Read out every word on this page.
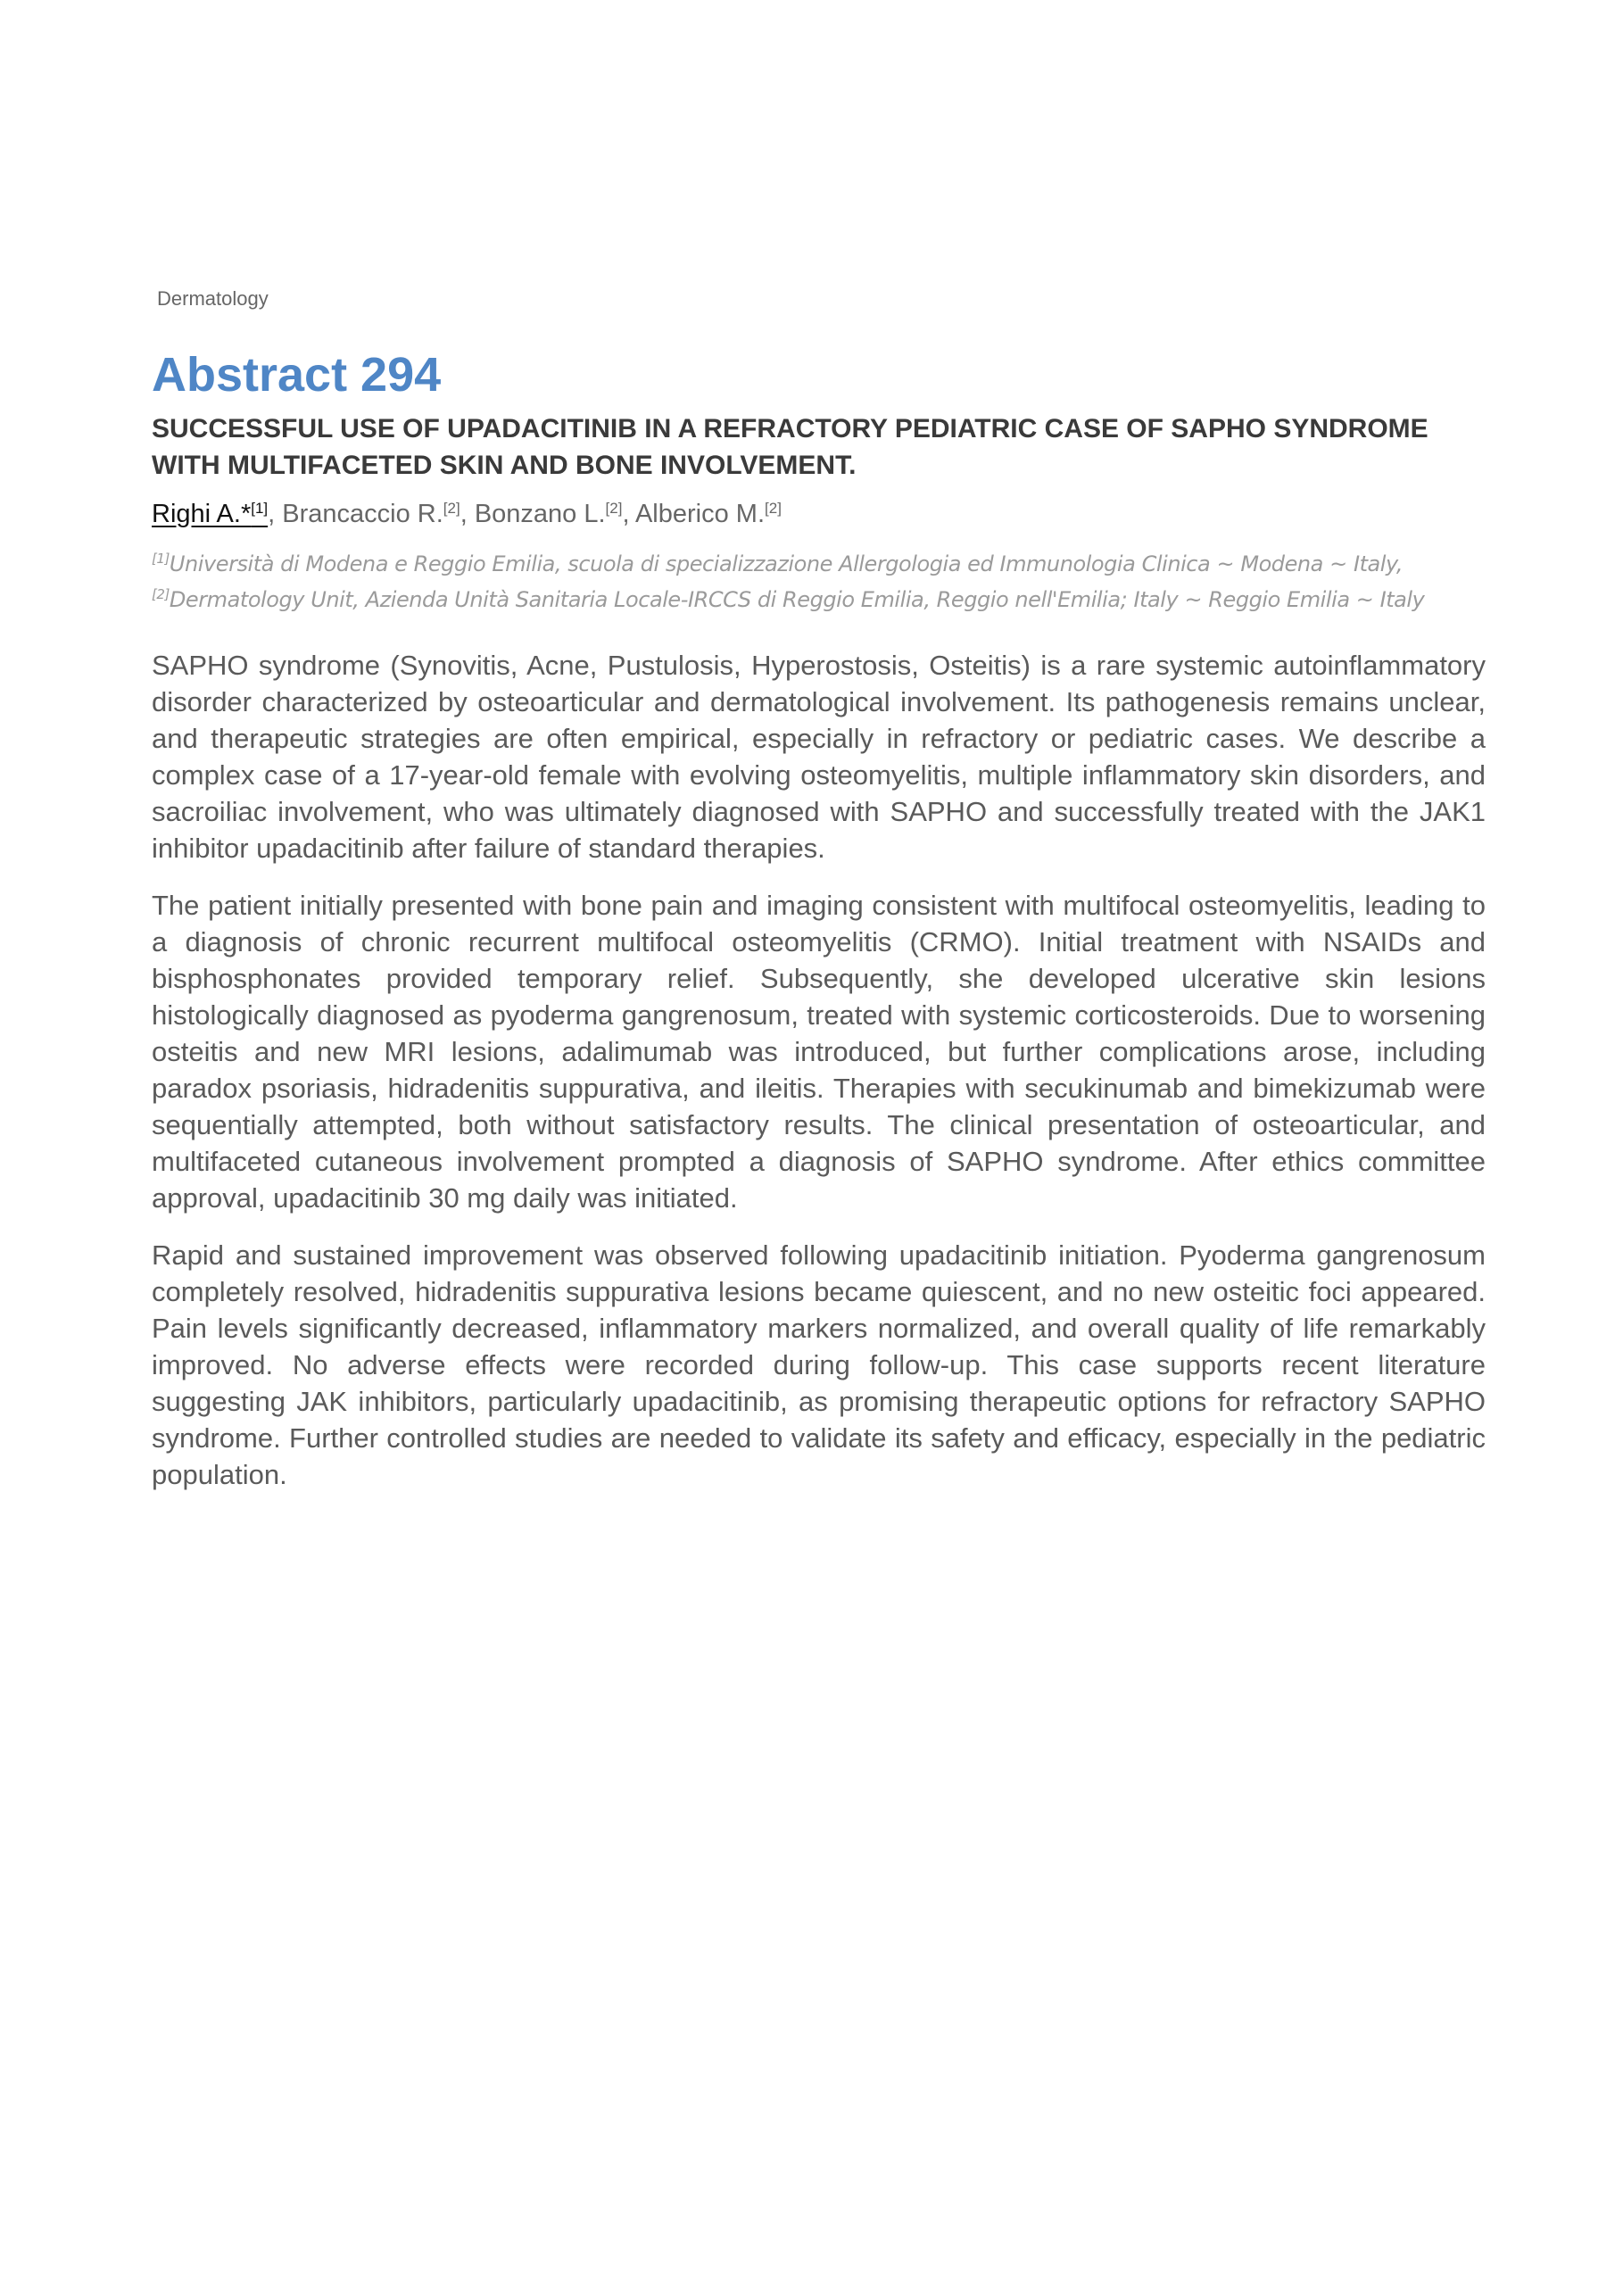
Dermatology
Abstract 294
SUCCESSFUL USE OF UPADACITINIB IN A REFRACTORY PEDIATRIC CASE OF SAPHO SYNDROME WITH MULTIFACETED SKIN AND BONE INVOLVEMENT.
Righi A.*[1], Brancaccio R.[2], Bonzano L.[2], Alberico M.[2]
[1]Università di Modena e Reggio Emilia, scuola di specializzazione Allergologia ed Immunologia Clinica ~ Modena ~ Italy,
[2]Dermatology Unit, Azienda Unità Sanitaria Locale-IRCCS di Reggio Emilia, Reggio nell'Emilia; Italy ~ Reggio Emilia ~ Italy

SAPHO syndrome (Synovitis, Acne, Pustulosis, Hyperostosis, Osteitis) is a rare systemic autoinflammatory disorder characterized by osteoarticular and dermatological involvement. Its pathogenesis remains unclear, and therapeutic strategies are often empirical, especially in refractory or pediatric cases. We describe a complex case of a 17-year-old female with evolving osteomyelitis, multiple inflammatory skin disorders, and sacroiliac involvement, who was ultimately diagnosed with SAPHO and successfully treated with the JAK1 inhibitor upadacitinib after failure of standard therapies.

The patient initially presented with bone pain and imaging consistent with multifocal osteomyelitis, leading to a diagnosis of chronic recurrent multifocal osteomyelitis (CRMO). Initial treatment with NSAIDs and bisphosphonates provided temporary relief. Subsequently, she developed ulcerative skin lesions histologically diagnosed as pyoderma gangrenosum, treated with systemic corticosteroids. Due to worsening osteitis and new MRI lesions, adalimumab was introduced, but further complications arose, including paradox psoriasis, hidradenitis suppurativa, and ileitis. Therapies with secukinumab and bimekizumab were sequentially attempted, both without satisfactory results. The clinical presentation of osteoarticular, and multifaceted cutaneous involvement prompted a diagnosis of SAPHO syndrome. After ethics committee approval, upadacitinib 30 mg daily was initiated.

Rapid and sustained improvement was observed following upadacitinib initiation. Pyoderma gangrenosum completely resolved, hidradenitis suppurativa lesions became quiescent, and no new osteitic foci appeared. Pain levels significantly decreased, inflammatory markers normalized, and overall quality of life remarkably improved. No adverse effects were recorded during follow-up. This case supports recent literature suggesting JAK inhibitors, particularly upadacitinib, as promising therapeutic options for refractory SAPHO syndrome. Further controlled studies are needed to validate its safety and efficacy, especially in the pediatric population.
